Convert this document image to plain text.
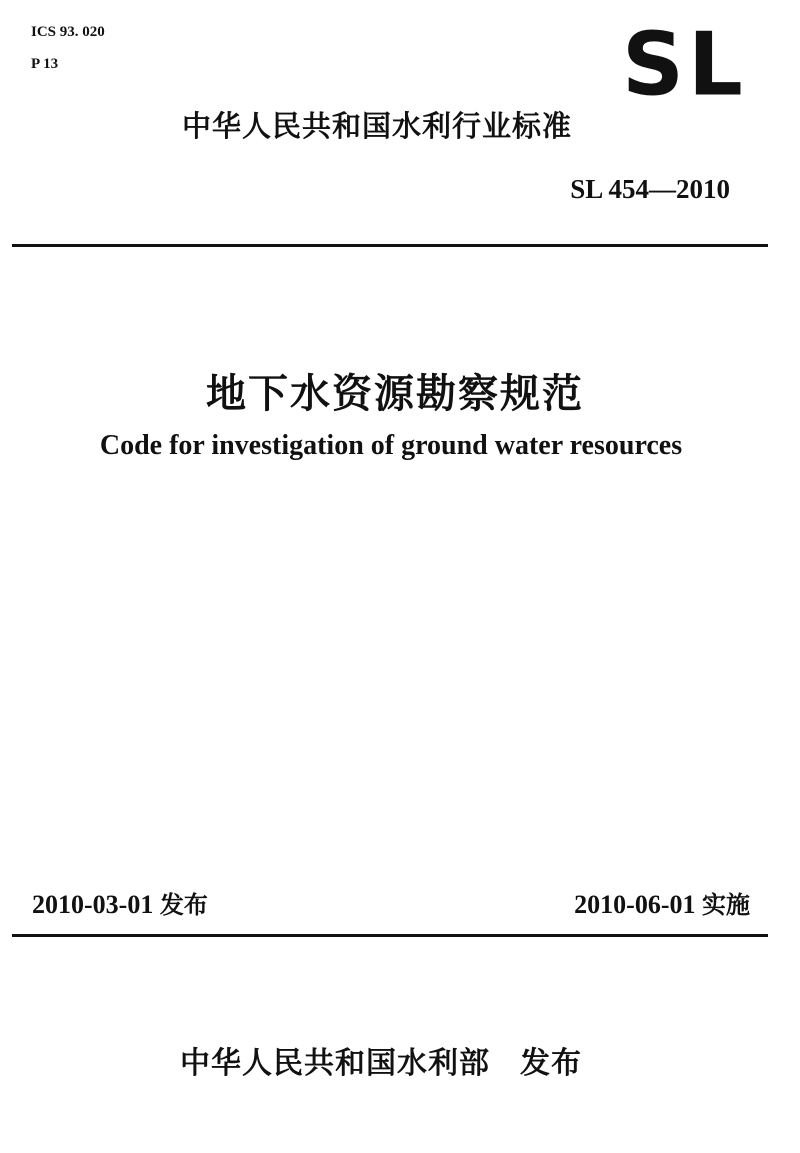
ICS 93. 020
P 13	SL
中华人民共和国水利行业标准
SL 454—2010
地下水资源勘察规范
Code for investigation of ground water resources
2010-03-01 发布	2010-06-01 实施
中华人民共和国水利部 发布
